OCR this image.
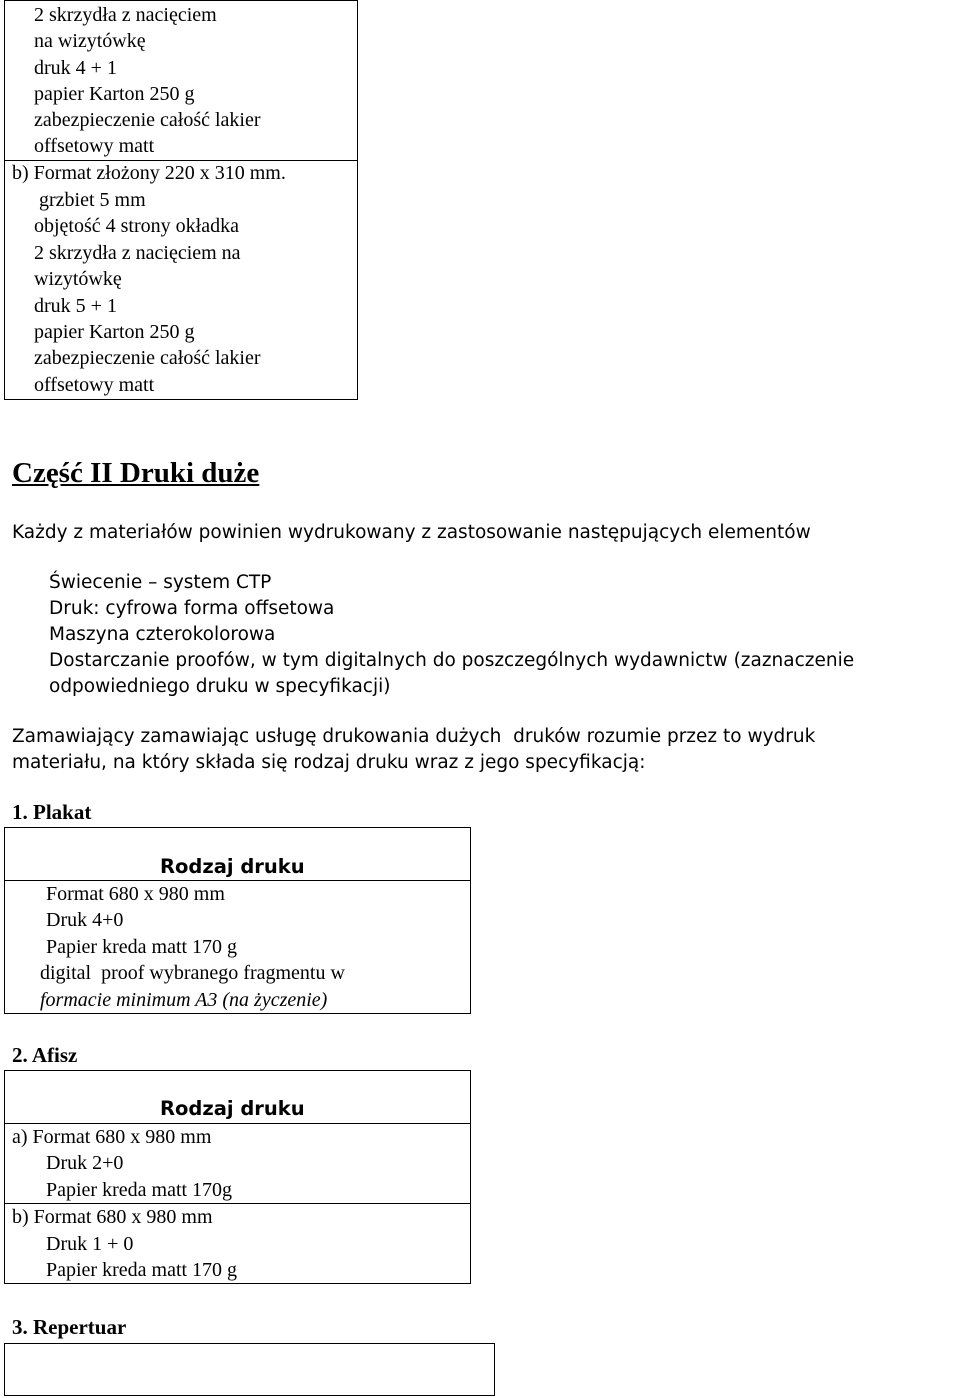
2 skrzydła z nacięciem
na wizytówkę
druk 4 + 1
papier Karton 250 g
zabezpieczenie całość lakier
offsetowy matt
b) Format złożony 220 x 310 mm.
grzbiet 5 mm
objętość 4 strony okładka
2 skrzydła z nacięciem na
wizytówkę
druk 5 + 1
papier Karton 250 g
zabezpieczenie całość lakier
offsetowy matt
Część II Druki duże
Każdy z materiałów powinien wydrukowany z zastosowanie następujących elementów
Świecenie – system CTP
Druk: cyfrowa forma offsetowa
Maszyna czterokolorowa
Dostarczanie proofów, w tym digitalnych do poszczególnych wydawnictw (zaznaczenie
odpowiedniego druku w specyfikacji)
Zamawiający zamawiając usługę drukowania dużych  druków rozumie przez to wydruk
materiału, na który składa się rodzaj druku wraz z jego specyfikacją:
1. Plakat
Rodzaj druku
Format 680 x 980 mm
Druk 4+0
Papier kreda matt 170 g
digital  proof wybranego fragmentu w
formacie minimum A3 (na życzenie)
2. Afisz
Rodzaj druku
a) Format 680 x 980 mm
Druk 2+0
Papier kreda matt 170g
b) Format 680 x 980 mm
Druk 1 + 0
Papier kreda matt 170 g
3. Repertuar
